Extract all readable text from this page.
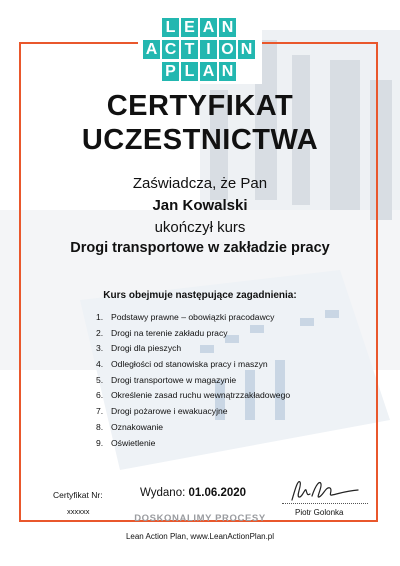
L E A N
A C T I O N
P L A N
CERTYFIKAT
UCZESTNICTWA
Zaświadcza, że Pan
Jan Kowalski
ukończył kurs
Drogi transportowe w zakładzie pracy
Kurs obejmuje następujące zagadnienia:
1. Podstawy prawne – obowiązki pracodawcy
2. Drogi na terenie zakładu pracy
3. Drogi dla pieszych
4. Odległości od stanowiska pracy i maszyn
5. Drogi transportowe w magazynie
6. Określenie zasad ruchu wewnątrzzakładowego
7. Drogi pożarowe i ewakuacyjne
8. Oznakowanie
9. Oświetlenie
Certyfikat Nr:
xxxxxx
Wydano: 01.06.2020
DOSKONALIMY PROCESY
Piotr Golonka
Lean Action Plan, www.LeanActionPlan.pl
